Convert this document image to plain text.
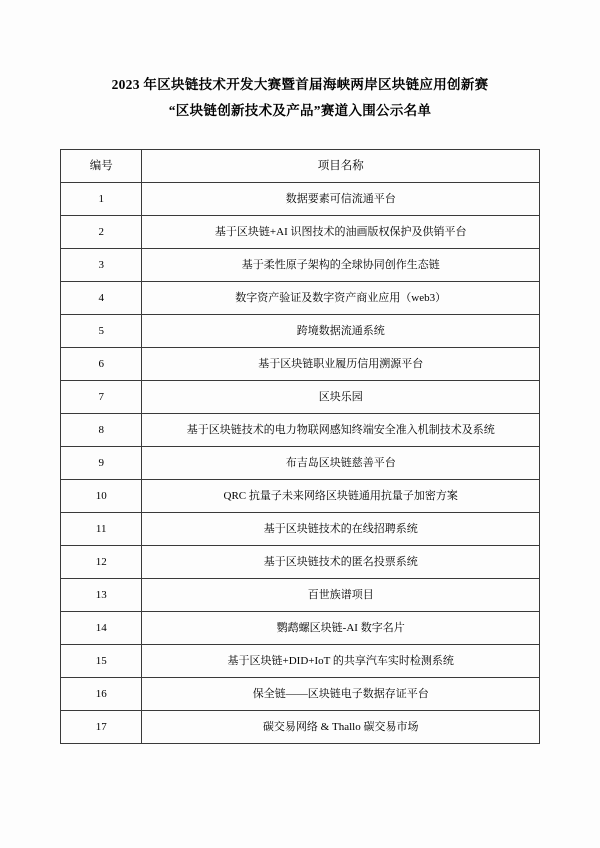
2023 年区块链技术开发大赛暨首届海峡两岸区块链应用创新赛
“区块链创新技术及产品”赛道入围公示名单
编号	项目名称

1	数据要素可信流通平台

2	基于区块链+AI 识图技术的油画版权保护及供销平台

3	基于柔性原子架构的全球协同创作生态链

4	数字资产验证及数字资产商业应用（web3）

5	跨境数据流通系统

6	基于区块链职业履历信用溯源平台

7	区块乐园

8	基于区块链技术的电力物联网感知终端安全准入机制技术及系统

9	布吉岛区块链慈善平台

10	QRC 抗量子未来网络区块链通用抗量子加密方案

11	基于区块链技术的在线招聘系统

12	基于区块链技术的匿名投票系统

13	百世族谱项目

14	鹦鹉螺区块链-AI 数字名片

15	基于区块链+DID+IoT 的共享汽车实时检测系统

16	保全链——区块链电子数据存证平台

17	碳交易网络 & Thallo 碳交易市场
